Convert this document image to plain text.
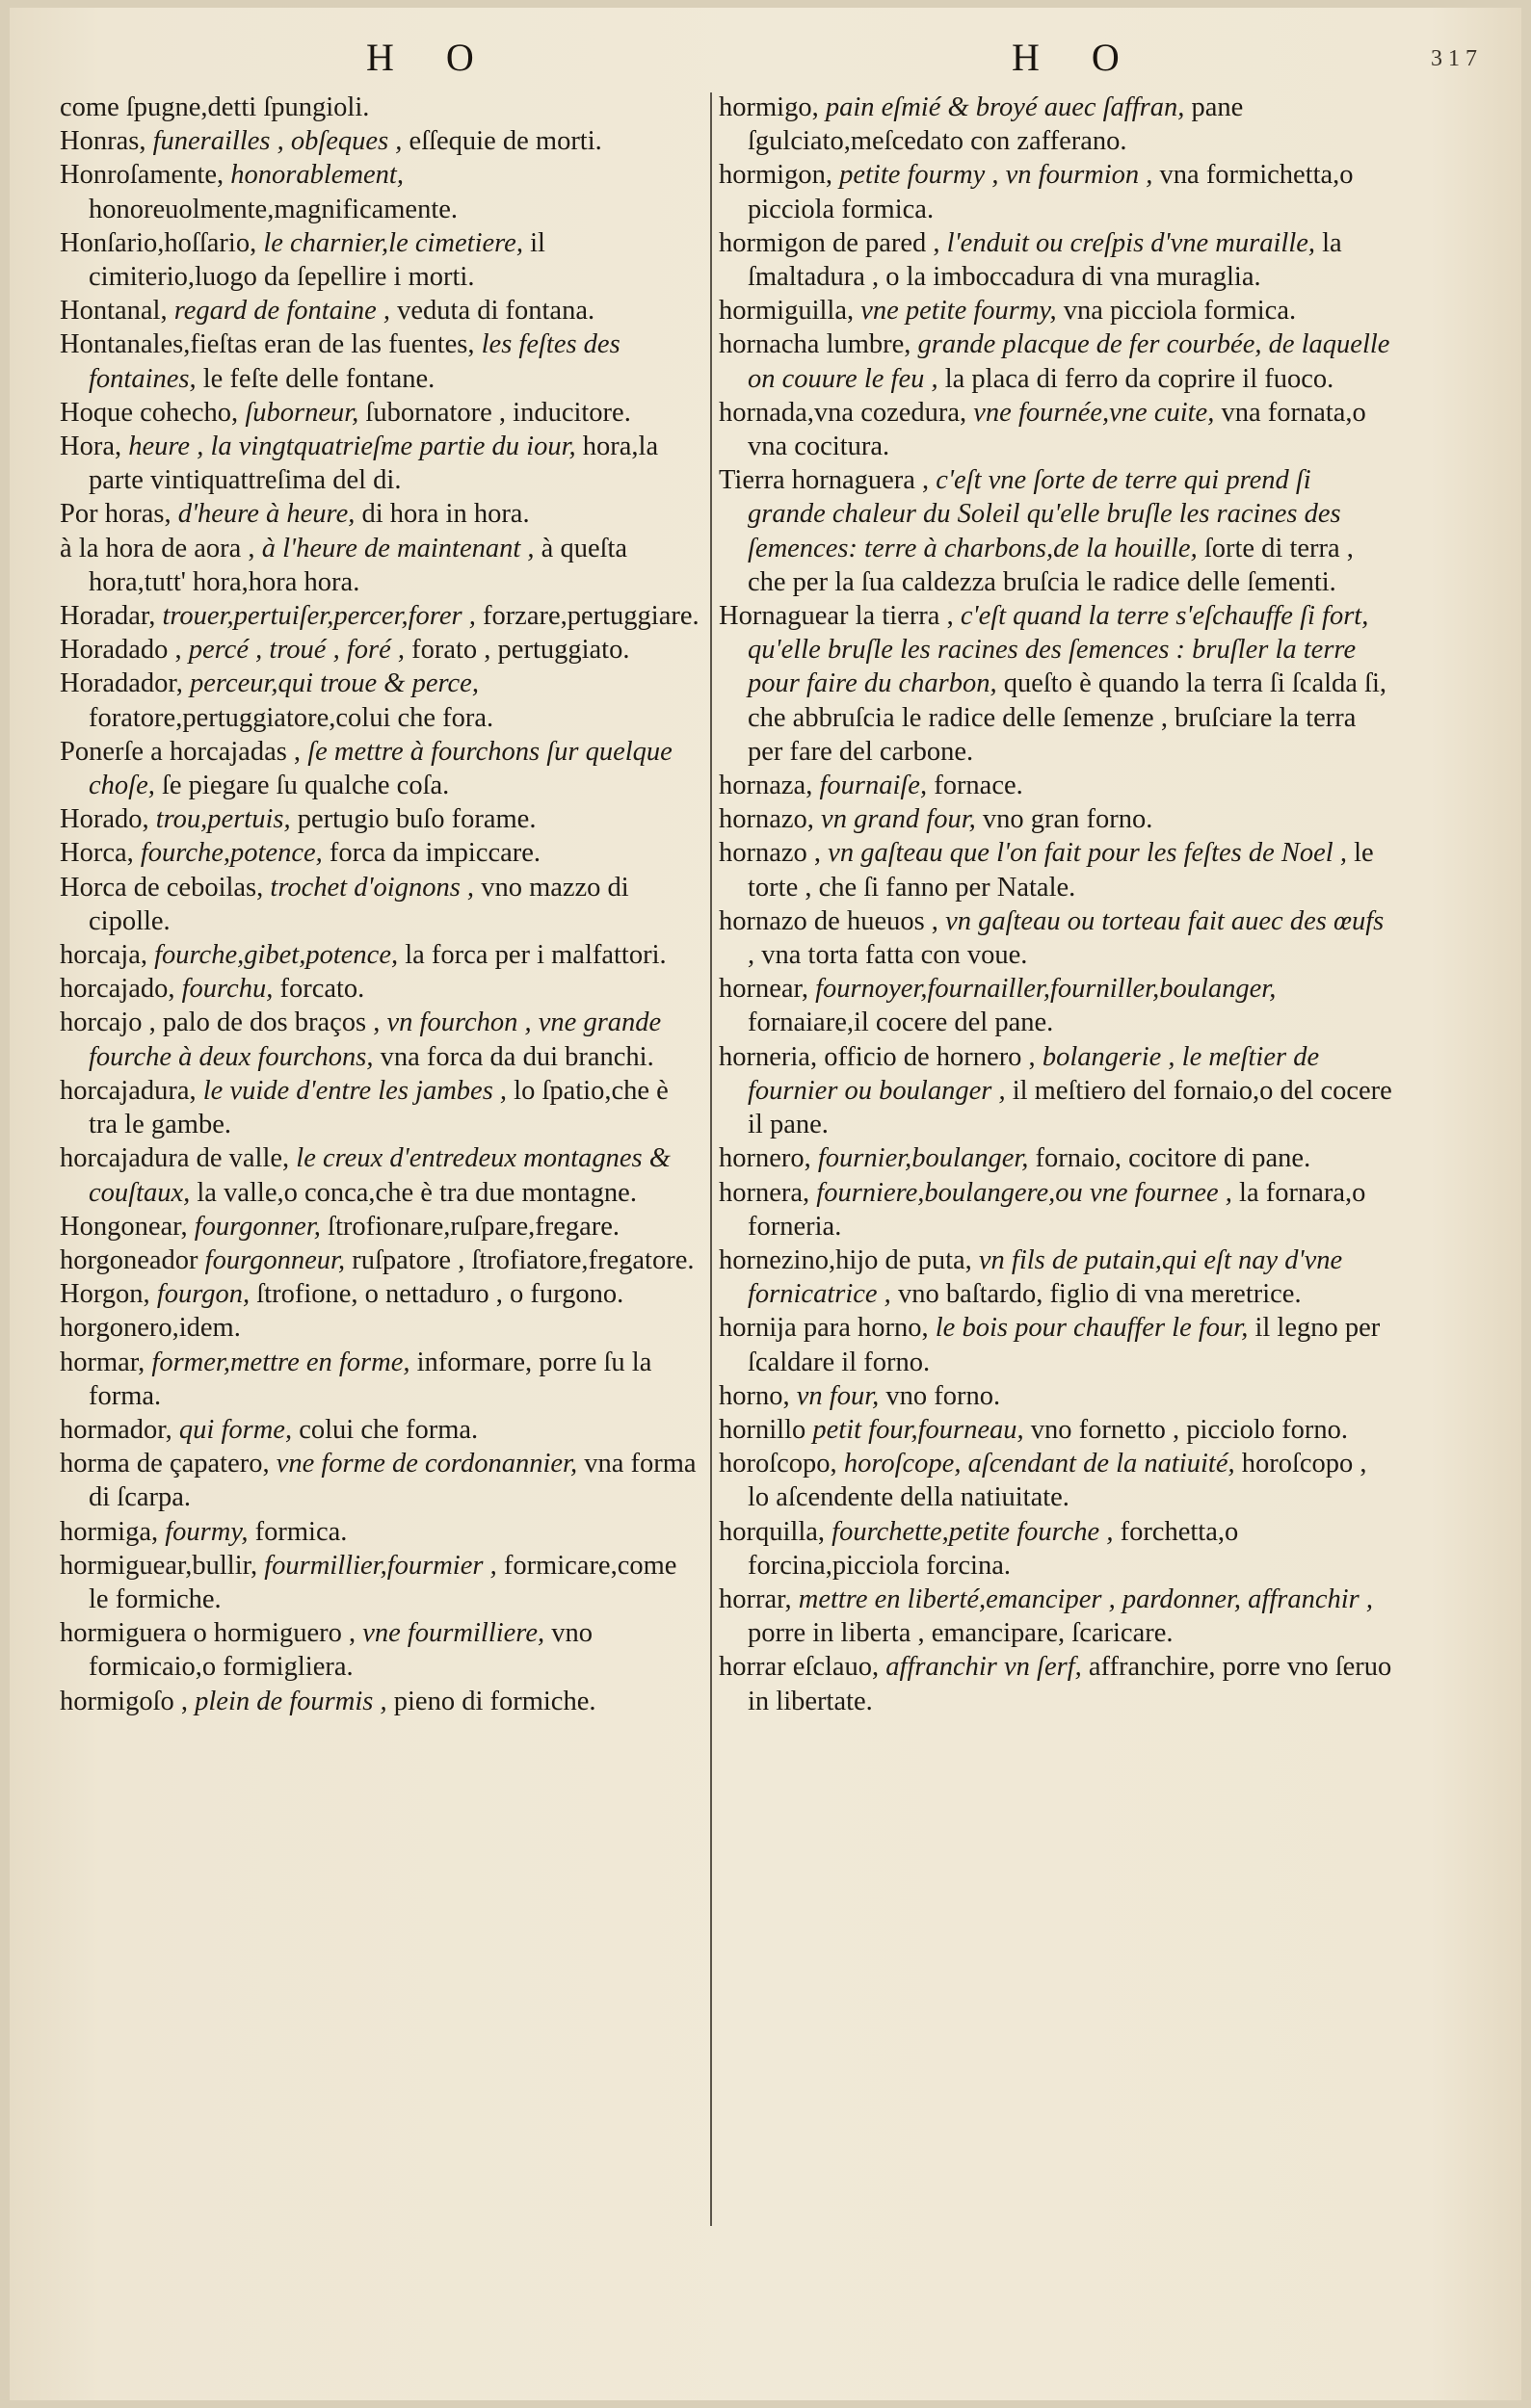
H O	H O	3 1 7

come ſpugne,detti ſpungioli.

Honras, funerailles , obſeques , eſſequie de morti.

Honroſamente, honorablement, honoreuolmente,magnificamente.

Honſario,hoſſario, le charnier,le cimetiere, il cimiterio,luogo da ſepellire i morti.

Hontanal, regard de fontaine , veduta di fontana.

Hontanales,fieſtas eran de las fuentes, les feſtes des fontaines, le feſte delle fontane.

Hoque cohecho, ſuborneur, ſubornatore , inducitore.

Hora, heure , la vingtquatrieſme partie du iour, hora,la parte vintiquattreſima del di.

Por horas, d'heure à heure, di hora in hora.

à la hora de aora , à l'heure de maintenant , à queſta hora,tutt' hora,hora hora.

Horadar, trouer,pertuiſer,percer,forer , forzare,pertuggiare.

Horadado , percé , troué , foré , forato , pertuggiato.

Horadador, perceur,qui troue & perce, foratore,pertuggiatore,colui che fora.

Ponerſe a horcajadas , ſe mettre à fourchons ſur quelque choſe, ſe piegare ſu qualche coſa.

Horado, trou,pertuis, pertugio buſo forame.

Horca, fourche,potence, forca da impiccare.

Horca de ceboilas, trochet d'oignons , vno mazzo di cipolle.

horcaja, fourche,gibet,potence, la forca per i malfattori.

horcajado, fourchu, forcato.

horcajo , palo de dos braços , vn fourchon , vne grande fourche à deux fourchons, vna forca da dui branchi.

horcajadura, le vuide d'entre les jambes , lo ſpatio,che è tra le gambe.

horcajadura de valle, le creux d'entredeux montagnes & couſtaux, la valle,o conca,che è tra due montagne.

Hongonear, fourgonner, ſtrofionare,ruſpare,fregare.

horgoneador fourgonneur, ruſpatore , ſtrofiatore,fregatore.

Horgon, fourgon, ſtrofione, o nettaduro , o furgono.

horgonero,idem.

hormar, former,mettre en forme, informare, porre ſu la forma.

hormador, qui forme, colui che forma.

horma de çapatero, vne forme de cordonannier, vna forma di ſcarpa.

hormiga, fourmy, formica.

hormiguear,bullir, fourmillier,fourmier , formicare,come le formiche.

hormiguera o hormiguero , vne fourmilliere, vno formicaio,o formigliera.

hormigoſo , plein de fourmis , pieno di formiche.

hormigo, pain eſmié & broyé auec ſaffran, pane ſgulciato,meſcedato con zafferano.

hormigon, petite fourmy , vn fourmion , vna formichetta,o picciola formica.

hormigon de pared , l'enduit ou creſpis d'vne muraille, la ſmaltadura , o la imboccadura di vna muraglia.

hormiguilla, vne petite fourmy, vna picciola formica.

hornacha lumbre, grande placque de fer courbée, de laquelle on couure le feu , la placa di ferro da coprire il fuoco.

hornada,vna cozedura, vne fournée,vne cuite, vna fornata,o vna cocitura.

Tierra hornaguera , c'eſt vne ſorte de terre qui prend ſi grande chaleur du Soleil qu'elle bruſle les racines des ſemences: terre à charbons,de la houille, ſorte di terra , che per la ſua caldezza bruſcia le radice delle ſementi.

Hornaguear la tierra , c'eſt quand la terre s'eſchauffe ſi fort, qu'elle bruſle les racines des ſemences : bruſler la terre pour faire du charbon, queſto è quando la terra ſi ſcalda ſi, che abbruſcia le radice delle ſemenze , bruſciare la terra per fare del carbone.

hornaza, fournaiſe, fornace.

hornazo, vn grand four, vno gran forno.

hornazo , vn gaſteau que l'on fait pour les feſtes de Noel , le torte , che ſi fanno per Natale.

hornazo de hueuos , vn gaſteau ou torteau fait auec des œufs , vna torta fatta con voue.

hornear, fournoyer,fournailler,fourniller,boulanger, fornaiare,il cocere del pane.

horneria, officio de hornero , bolangerie , le meſtier de fournier ou boulanger , il meſtiero del fornaio,o del cocere il pane.

hornero, fournier,boulanger, fornaio, cocitore di pane.

hornera, fourniere,boulangere,ou vne fournee , la fornara,o forneria.

hornezino,hijo de puta, vn fils de putain,qui eſt nay d'vne fornicatrice , vno baſtardo, figlio di vna meretrice.

hornija para horno, le bois pour chauffer le four, il legno per ſcaldare il forno.

horno, vn four, vno forno.

hornillo petit four,fourneau, vno fornetto , picciolo forno.

horoſcopo, horoſcope, aſcendant de la natiuité, horoſcopo , lo aſcendente della natiuitate.

horquilla, fourchette,petite fourche , forchetta,o forcina,picciola forcina.

horrar, mettre en liberté,emanciper , pardonner, affranchir , porre in liberta , emancipare, ſcaricare.

horrar eſclauo, affranchir vn ſerf, affranchire, porre vno ſeruo in libertate.
